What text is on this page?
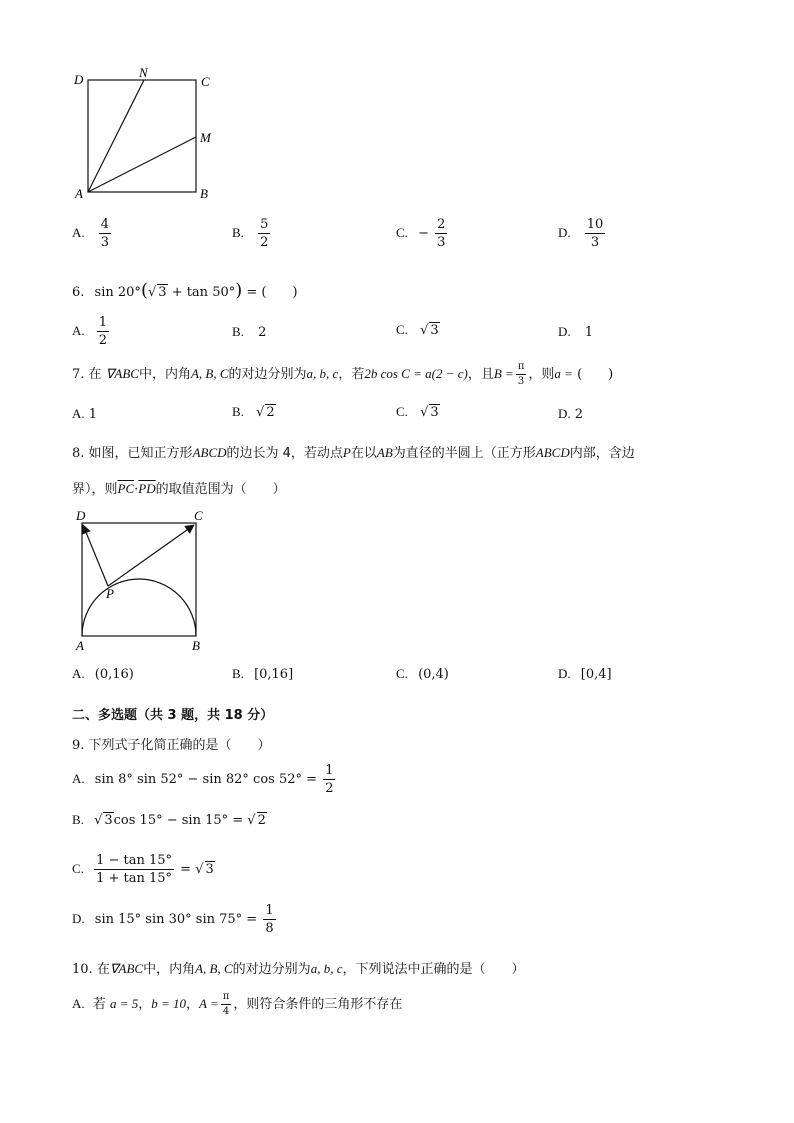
D	N
C
M
A	B
A. $\frac{4}{3}$	B. $\frac{5}{2}$	C. − $\frac{2}{3}$	D. $\frac{10}{3}$
6. sin 20°( √ 3 + tan 50°) = (　　)
A. $\frac{1}{2}$	B. 2	C. √ 3	D. 1
7. 在 ∇ABC中，内角A, B, C的对边分别为a, b, c，若2b cos C = a(2 − c)，且$B = \frac{\pi}{3}$ ，则a = (　　)
A. 1	B. √ 2	C. √ 3	D. 2
8. 如图，已知正方形ABCD的边长为 4，若动点P在以AB为直径的半圆上（正方形ABCD内部，含边
界），则$\overline{PC}\cdot\overline{PD}$的取值范围为（　　）
D	C
P
A	B
A. (0,16)	B. [0,16]	C. (0,4)	D. [0,4]
二、多选题（共 3 题，共 18 分）
9. 下列式子化简正确的是（　　）
A. sin 8° sin 52° − sin 82° $\cos 52^\circ = \frac{1}{2}$
B. √ 3 cos 15° − sin 15° = √ 2
C. $\frac{1 - \tan 15^\circ}{1 + \tan 15^\circ}$ = √ 3
D. sin 15° sin 30° $\sin 75^\circ = \frac{1}{8}$
10. 在∇ABC中，内角A, B, C的对边分别为a, b, c，下列说法中正确的是（　　）
A. 若 a = 5，b = 10，$A = \frac{\pi}{4}$ ，则符合条件的三角形不存在
